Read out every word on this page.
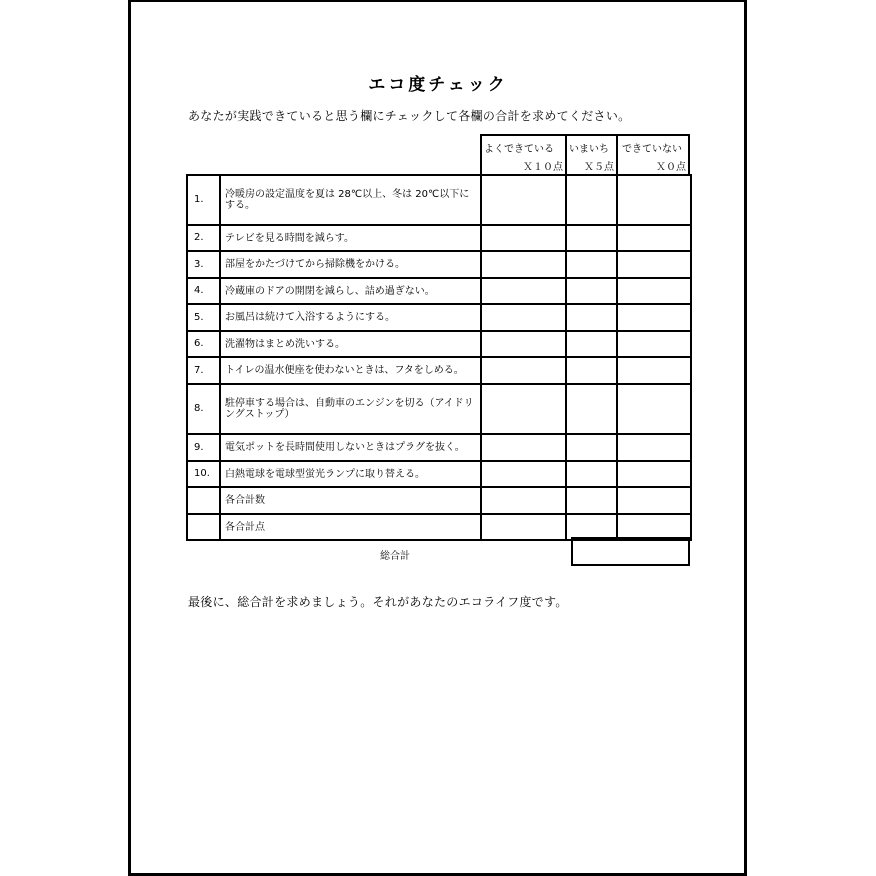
エコ度チェック
あなたが実践できていると思う欄にチェックして各欄の合計を求めてください。
よくできている
Ｘ１０点
いまいち
Ｘ５点
できていない
Ｘ０点
1. 冷暖房の設定温度を夏は 28℃以上、冬は 20℃以下にする。
2. テレビを見る時間を減らす。
3. 部屋をかたづけてから掃除機をかける。
4. 冷蔵庫のドアの開閉を減らし、詰め過ぎない。
5. お風呂は続けて入浴するようにする。
6. 洗濯物はまとめ洗いする。
7. トイレの温水便座を使わないときは、フタをしめる。
8. 駐停車する場合は、自動車のエンジンを切る（アイドリングストップ）
9. 電気ポットを長時間使用しないときはプラグを抜く。
10. 白熱電球を電球型蛍光ランプに取り替える。
各合計数
各合計点
総合計
最後に、総合計を求めましょう。それがあなたのエコライフ度です。
